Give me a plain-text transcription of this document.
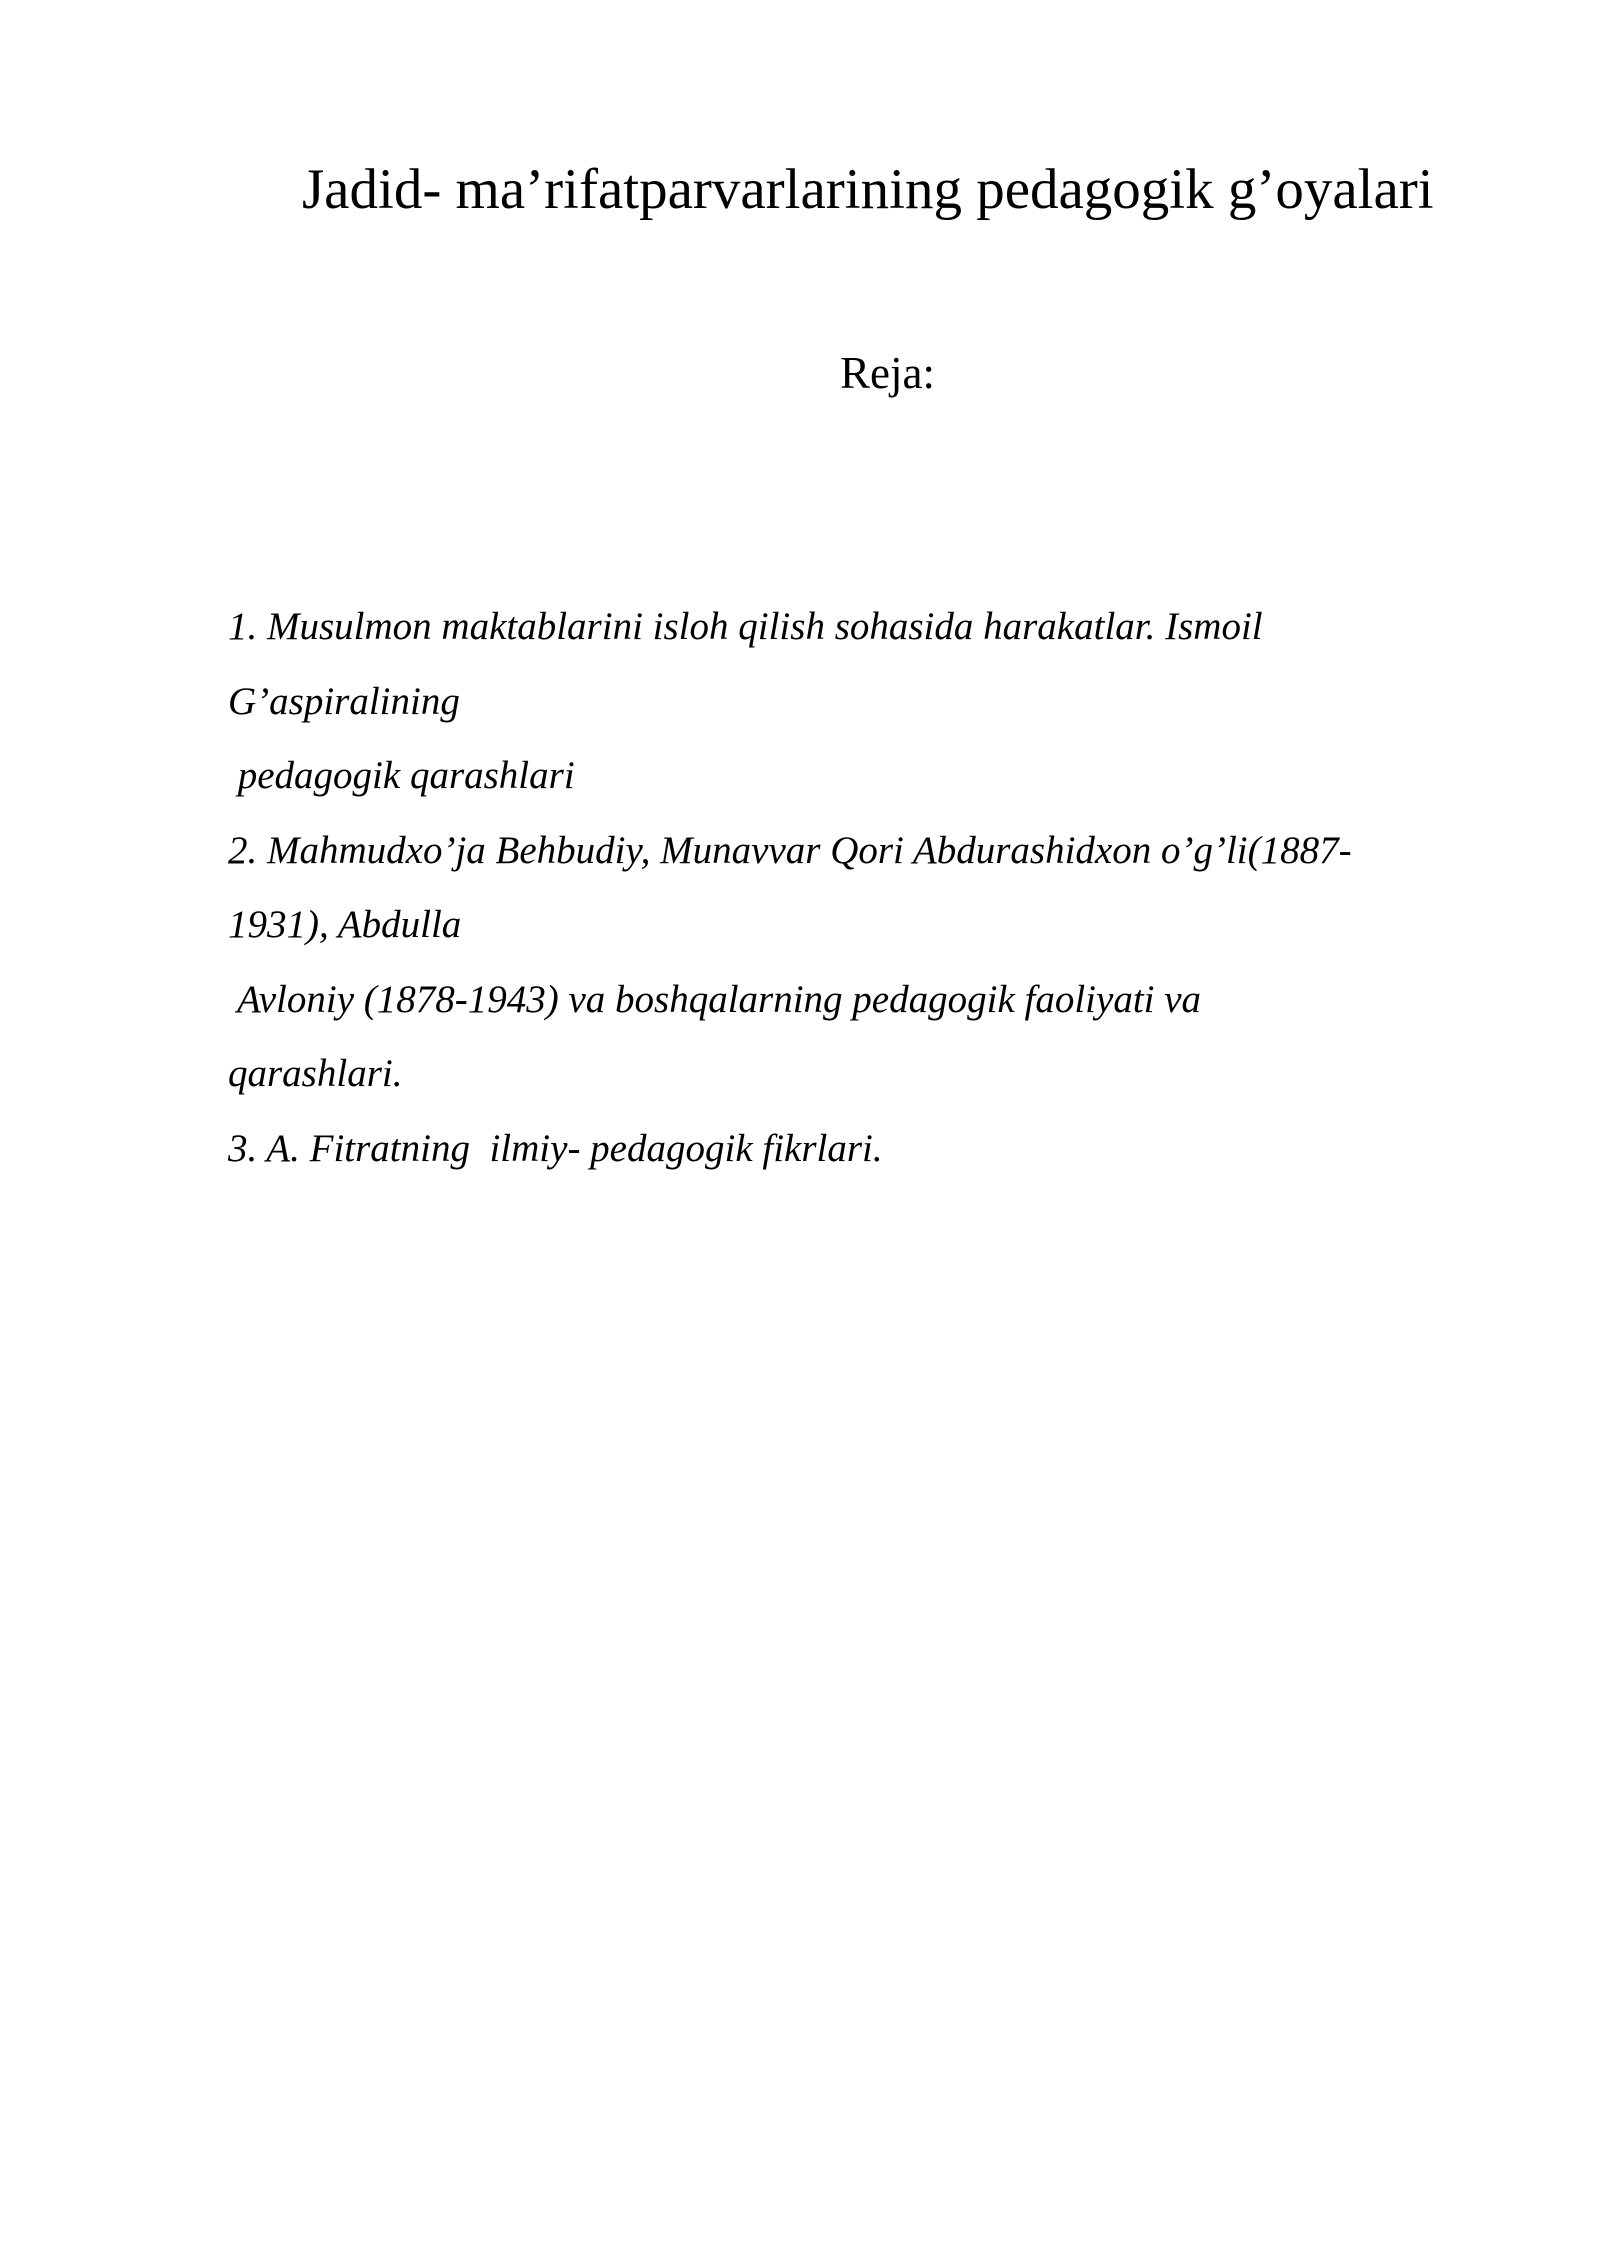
Jadid- ma’rifatparvarlarining pedagogik g’oyalari
Reja:
1. Musulmon maktablarini isloh qilish sohasida harakatlar. Ismoil
G’aspiralining
pedagogik qarashlari
2. Mahmudxo’ja Behbudiy, Munavvar Qori Abdurashidxon o’g’li(1887-
1931), Abdulla
Avloniy (1878-1943) va boshqalarning pedagogik faoliyati va
qarashlari.
3. A. Fitratning  ilmiy- pedagogik fikrlari.
